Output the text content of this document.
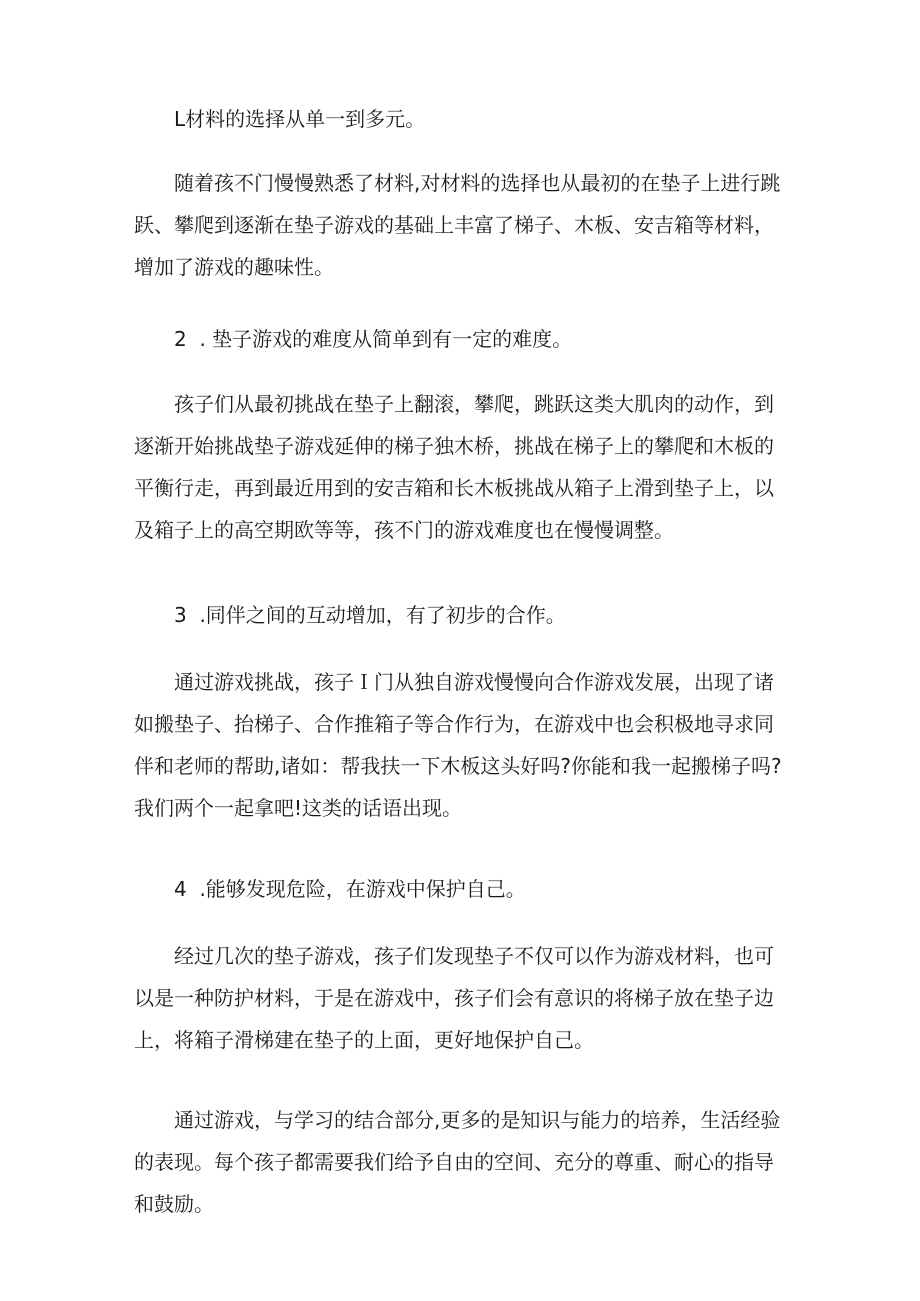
L材料的选择从单一到多元。

随着孩不门慢慢熟悉了材料,对材料的选择也从最初的在垫子上进行跳跃、攀爬到逐渐在垫子游戏的基础上丰富了梯子、木板、安吉箱等材料，增加了游戏的趣味性。

2  . 垫子游戏的难度从简单到有一定的难度。

孩子们从最初挑战在垫子上翻滚，攀爬，跳跃这类大肌肉的动作，到逐渐开始挑战垫子游戏延伸的梯子独木桥，挑战在梯子上的攀爬和木板的平衡行走，再到最近用到的安吉箱和长木板挑战从箱子上滑到垫子上，以及箱子上的高空期欧等等，孩不门的游戏难度也在慢慢调整。

3  .同伴之间的互动增加，有了初步的合作。

通过游戏挑战，孩子Ｉ门从独自游戏慢慢向合作游戏发展，出现了诸如搬垫子、抬梯子、合作推箱子等合作行为，在游戏中也会积极地寻求同伴和老师的帮助,诸如：帮我扶一下木板这头好吗?你能和我一起搬梯子吗?我们两个一起拿吧!这类的话语出现。

4  .能够发现危险，在游戏中保护自己。

经过几次的垫子游戏，孩子们发现垫子不仅可以作为游戏材料，也可以是一种防护材料，于是在游戏中，孩子们会有意识的将梯子放在垫子边上，将箱子滑梯建在垫子的上面，更好地保护自己。

通过游戏，与学习的结合部分,更多的是知识与能力的培养，生活经验的表现。每个孩子都需要我们给予自由的空间、充分的尊重、耐心的指导和鼓励。
